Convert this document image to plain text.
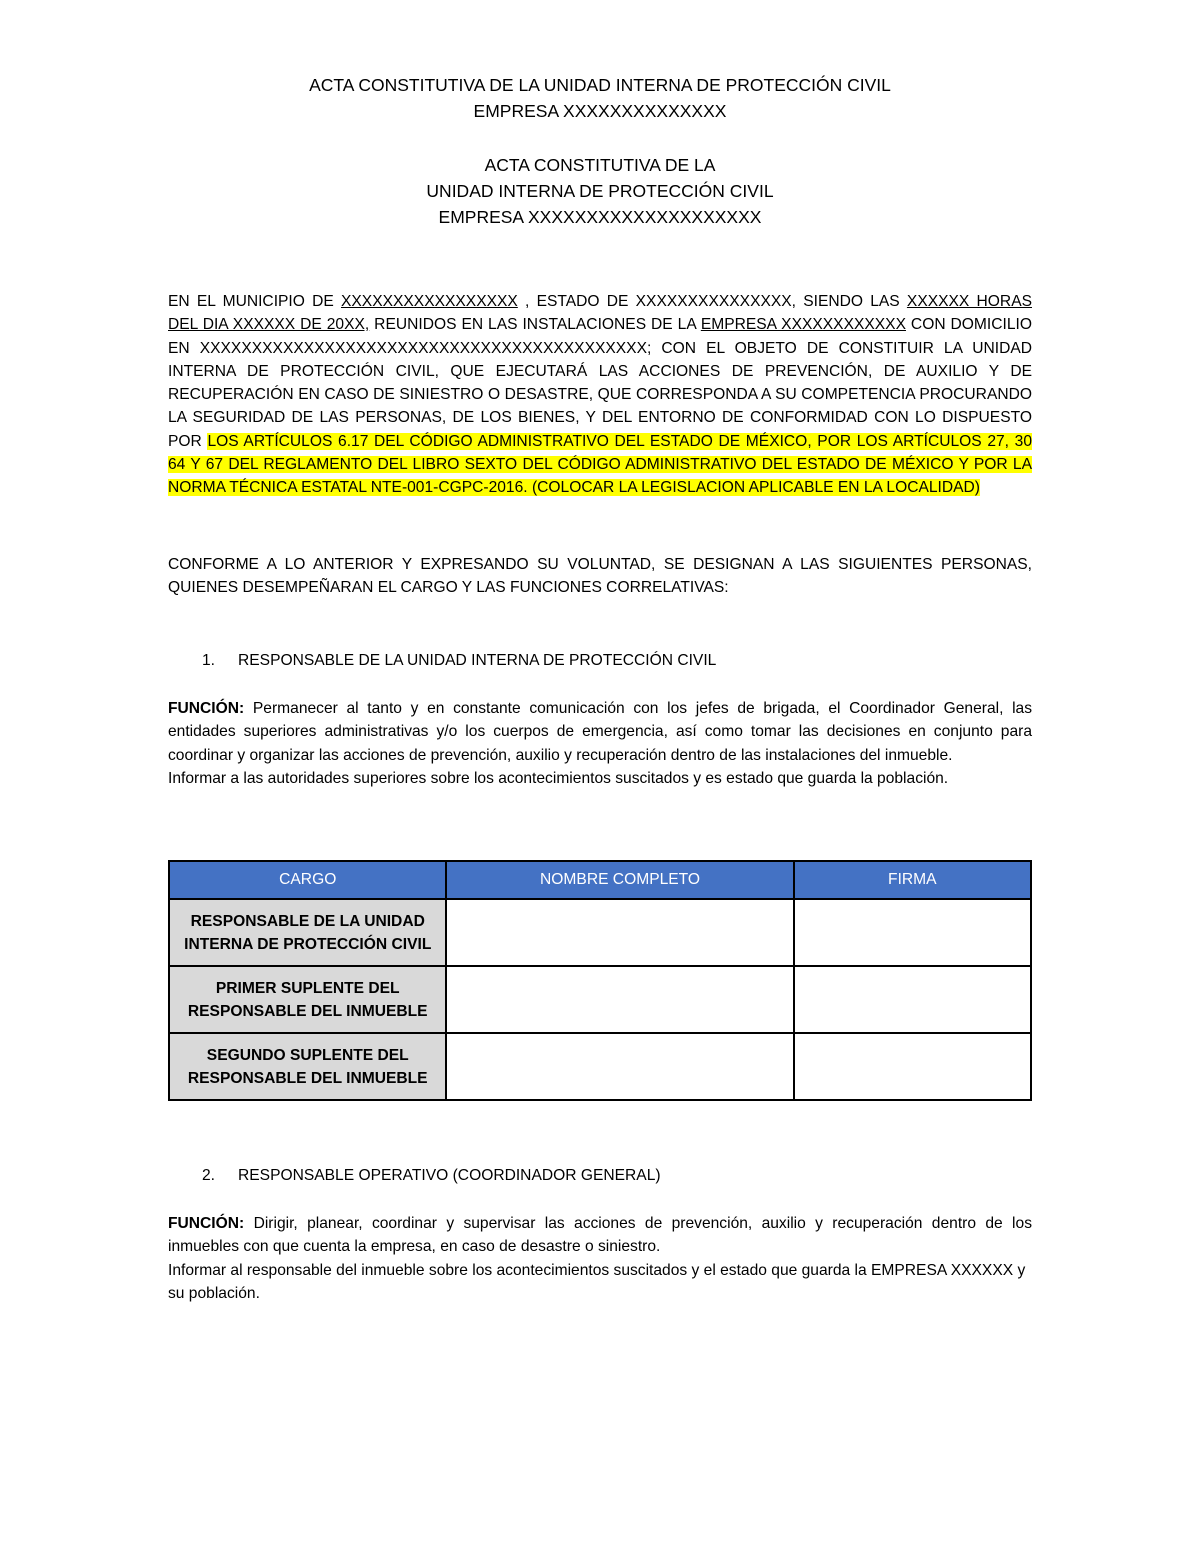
ACTA CONSTITUTIVA DE LA UNIDAD INTERNA DE PROTECCIÓN CIVIL
EMPRESA XXXXXXXXXXXXXX
ACTA CONSTITUTIVA DE LA
UNIDAD INTERNA DE PROTECCIÓN CIVIL
EMPRESA XXXXXXXXXXXXXXXXXXXX

EN EL MUNICIPIO DE XXXXXXXXXXXXXXXXX , ESTADO DE XXXXXXXXXXXXXXX, SIENDO LAS XXXXXX HORAS DEL DIA XXXXXX DE 20XX, REUNIDOS EN LAS INSTALACIONES DE LA EMPRESA XXXXXXXXXXXX CON DOMICILIO EN XXXXXXXXXXXXXXXXXXXXXXXXXXXXXXXXXXXXXXXXXXX; CON EL OBJETO DE CONSTITUIR LA UNIDAD INTERNA DE PROTECCIÓN CIVIL, QUE EJECUTARÁ LAS ACCIONES DE PREVENCIÓN, DE AUXILIO Y DE RECUPERACIÓN EN CASO DE SINIESTRO O DESASTRE, QUE CORRESPONDA A SU COMPETENCIA PROCURANDO LA SEGURIDAD DE LAS PERSONAS, DE LOS BIENES, Y DEL ENTORNO DE CONFORMIDAD CON LO DISPUESTO POR LOS ARTÍCULOS 6.17 DEL CÓDIGO ADMINISTRATIVO DEL ESTADO DE MÉXICO, POR LOS ARTÍCULOS 27, 30 64 Y 67 DEL REGLAMENTO DEL LIBRO SEXTO DEL CÓDIGO ADMINISTRATIVO DEL ESTADO DE MÉXICO Y POR LA NORMA TÉCNICA ESTATAL NTE-001-CGPC-2016. (COLOCAR LA LEGISLACION APLICABLE EN LA LOCALIDAD)

CONFORME A LO ANTERIOR Y EXPRESANDO SU VOLUNTAD, SE DESIGNAN A LAS SIGUIENTES PERSONAS, QUIENES DESEMPEÑARAN EL CARGO Y LAS FUNCIONES CORRELATIVAS:

1. RESPONSABLE DE LA UNIDAD INTERNA DE PROTECCIÓN CIVIL

FUNCIÓN: Permanecer al tanto y en constante comunicación con los jefes de brigada, el Coordinador General, las entidades superiores administrativas y/o los cuerpos de emergencia, así como tomar las decisiones en conjunto para coordinar y organizar las acciones de prevención, auxilio y recuperación dentro de las instalaciones del inmueble.

Informar a las autoridades superiores sobre los acontecimientos suscitados y es estado que guarda la población.

CARGO	NOMBRE COMPLETO	FIRMA
RESPONSABLE DE LA UNIDAD INTERNA DE PROTECCIÓN CIVIL		
PRIMER SUPLENTE DEL RESPONSABLE DEL INMUEBLE		
SEGUNDO SUPLENTE DEL RESPONSABLE DEL INMUEBLE		
2. RESPONSABLE OPERATIVO (COORDINADOR GENERAL)

FUNCIÓN: Dirigir, planear, coordinar y supervisar las acciones de prevención, auxilio y recuperación dentro de los inmuebles con que cuenta la empresa, en caso de desastre o siniestro.

Informar al responsable del inmueble sobre los acontecimientos suscitados y el estado que guarda la EMPRESA XXXXXX y su población.
